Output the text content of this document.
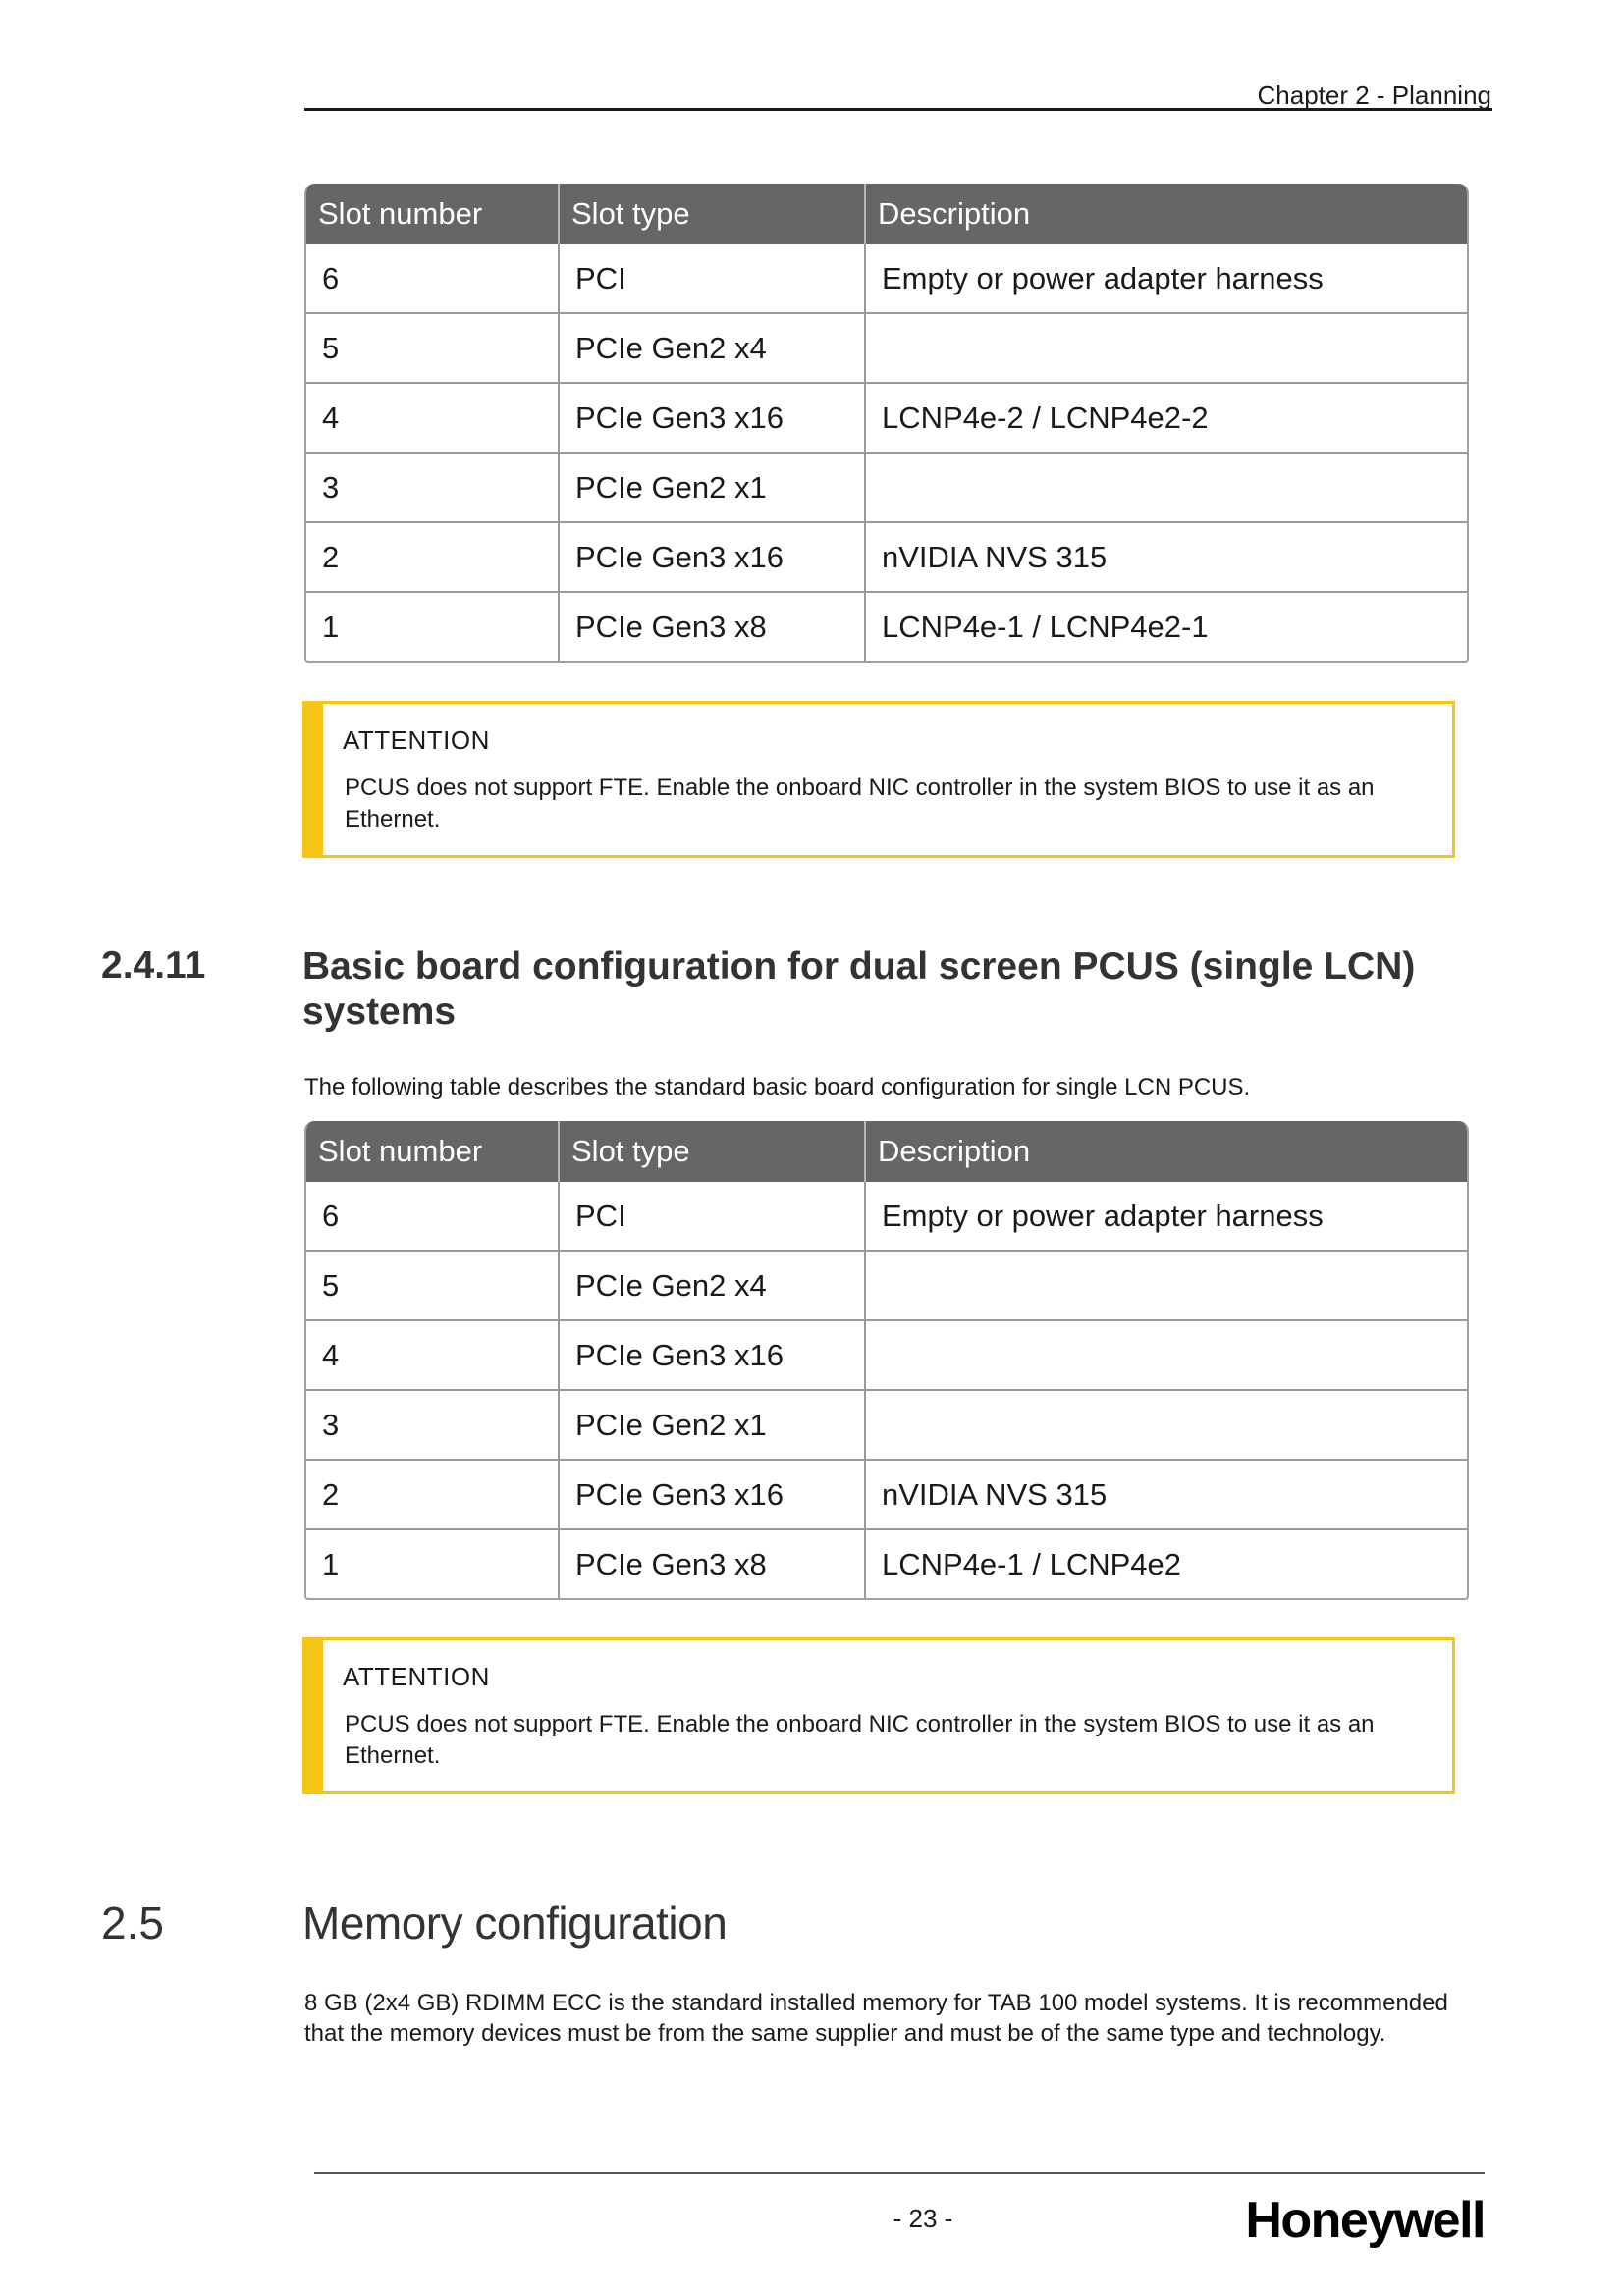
Chapter 2 - Planning
Slot number	Slot type	Description
6	PCI	Empty or power adapter harness
5	PCIe Gen2 x4
4	PCIe Gen3 x16	LCNP4e-2 / LCNP4e2-2
3	PCIe Gen2 x1
2	PCIe Gen3 x16	nVIDIA NVS 315
1	PCIe Gen3 x8	LCNP4e-1 / LCNP4e2-1
ATTENTION
PCUS does not support FTE. Enable the onboard NIC controller in the system BIOS to use it as an Ethernet.
2.4.11	Basic board configuration for dual screen PCUS (single LCN) systems
The following table describes the standard basic board configuration for single LCN PCUS.
Slot number	Slot type	Description
6	PCI	Empty or power adapter harness
5	PCIe Gen2 x4
4	PCIe Gen3 x16
3	PCIe Gen2 x1
2	PCIe Gen3 x16	nVIDIA NVS 315
1	PCIe Gen3 x8	LCNP4e-1 / LCNP4e2
ATTENTION
PCUS does not support FTE. Enable the onboard NIC controller in the system BIOS to use it as an Ethernet.
2.5	Memory configuration
8 GB (2x4 GB) RDIMM ECC is the standard installed memory for TAB 100 model systems. It is recommended that the memory devices must be from the same supplier and must be of the same type and technology.
- 23 -	Honeywell
